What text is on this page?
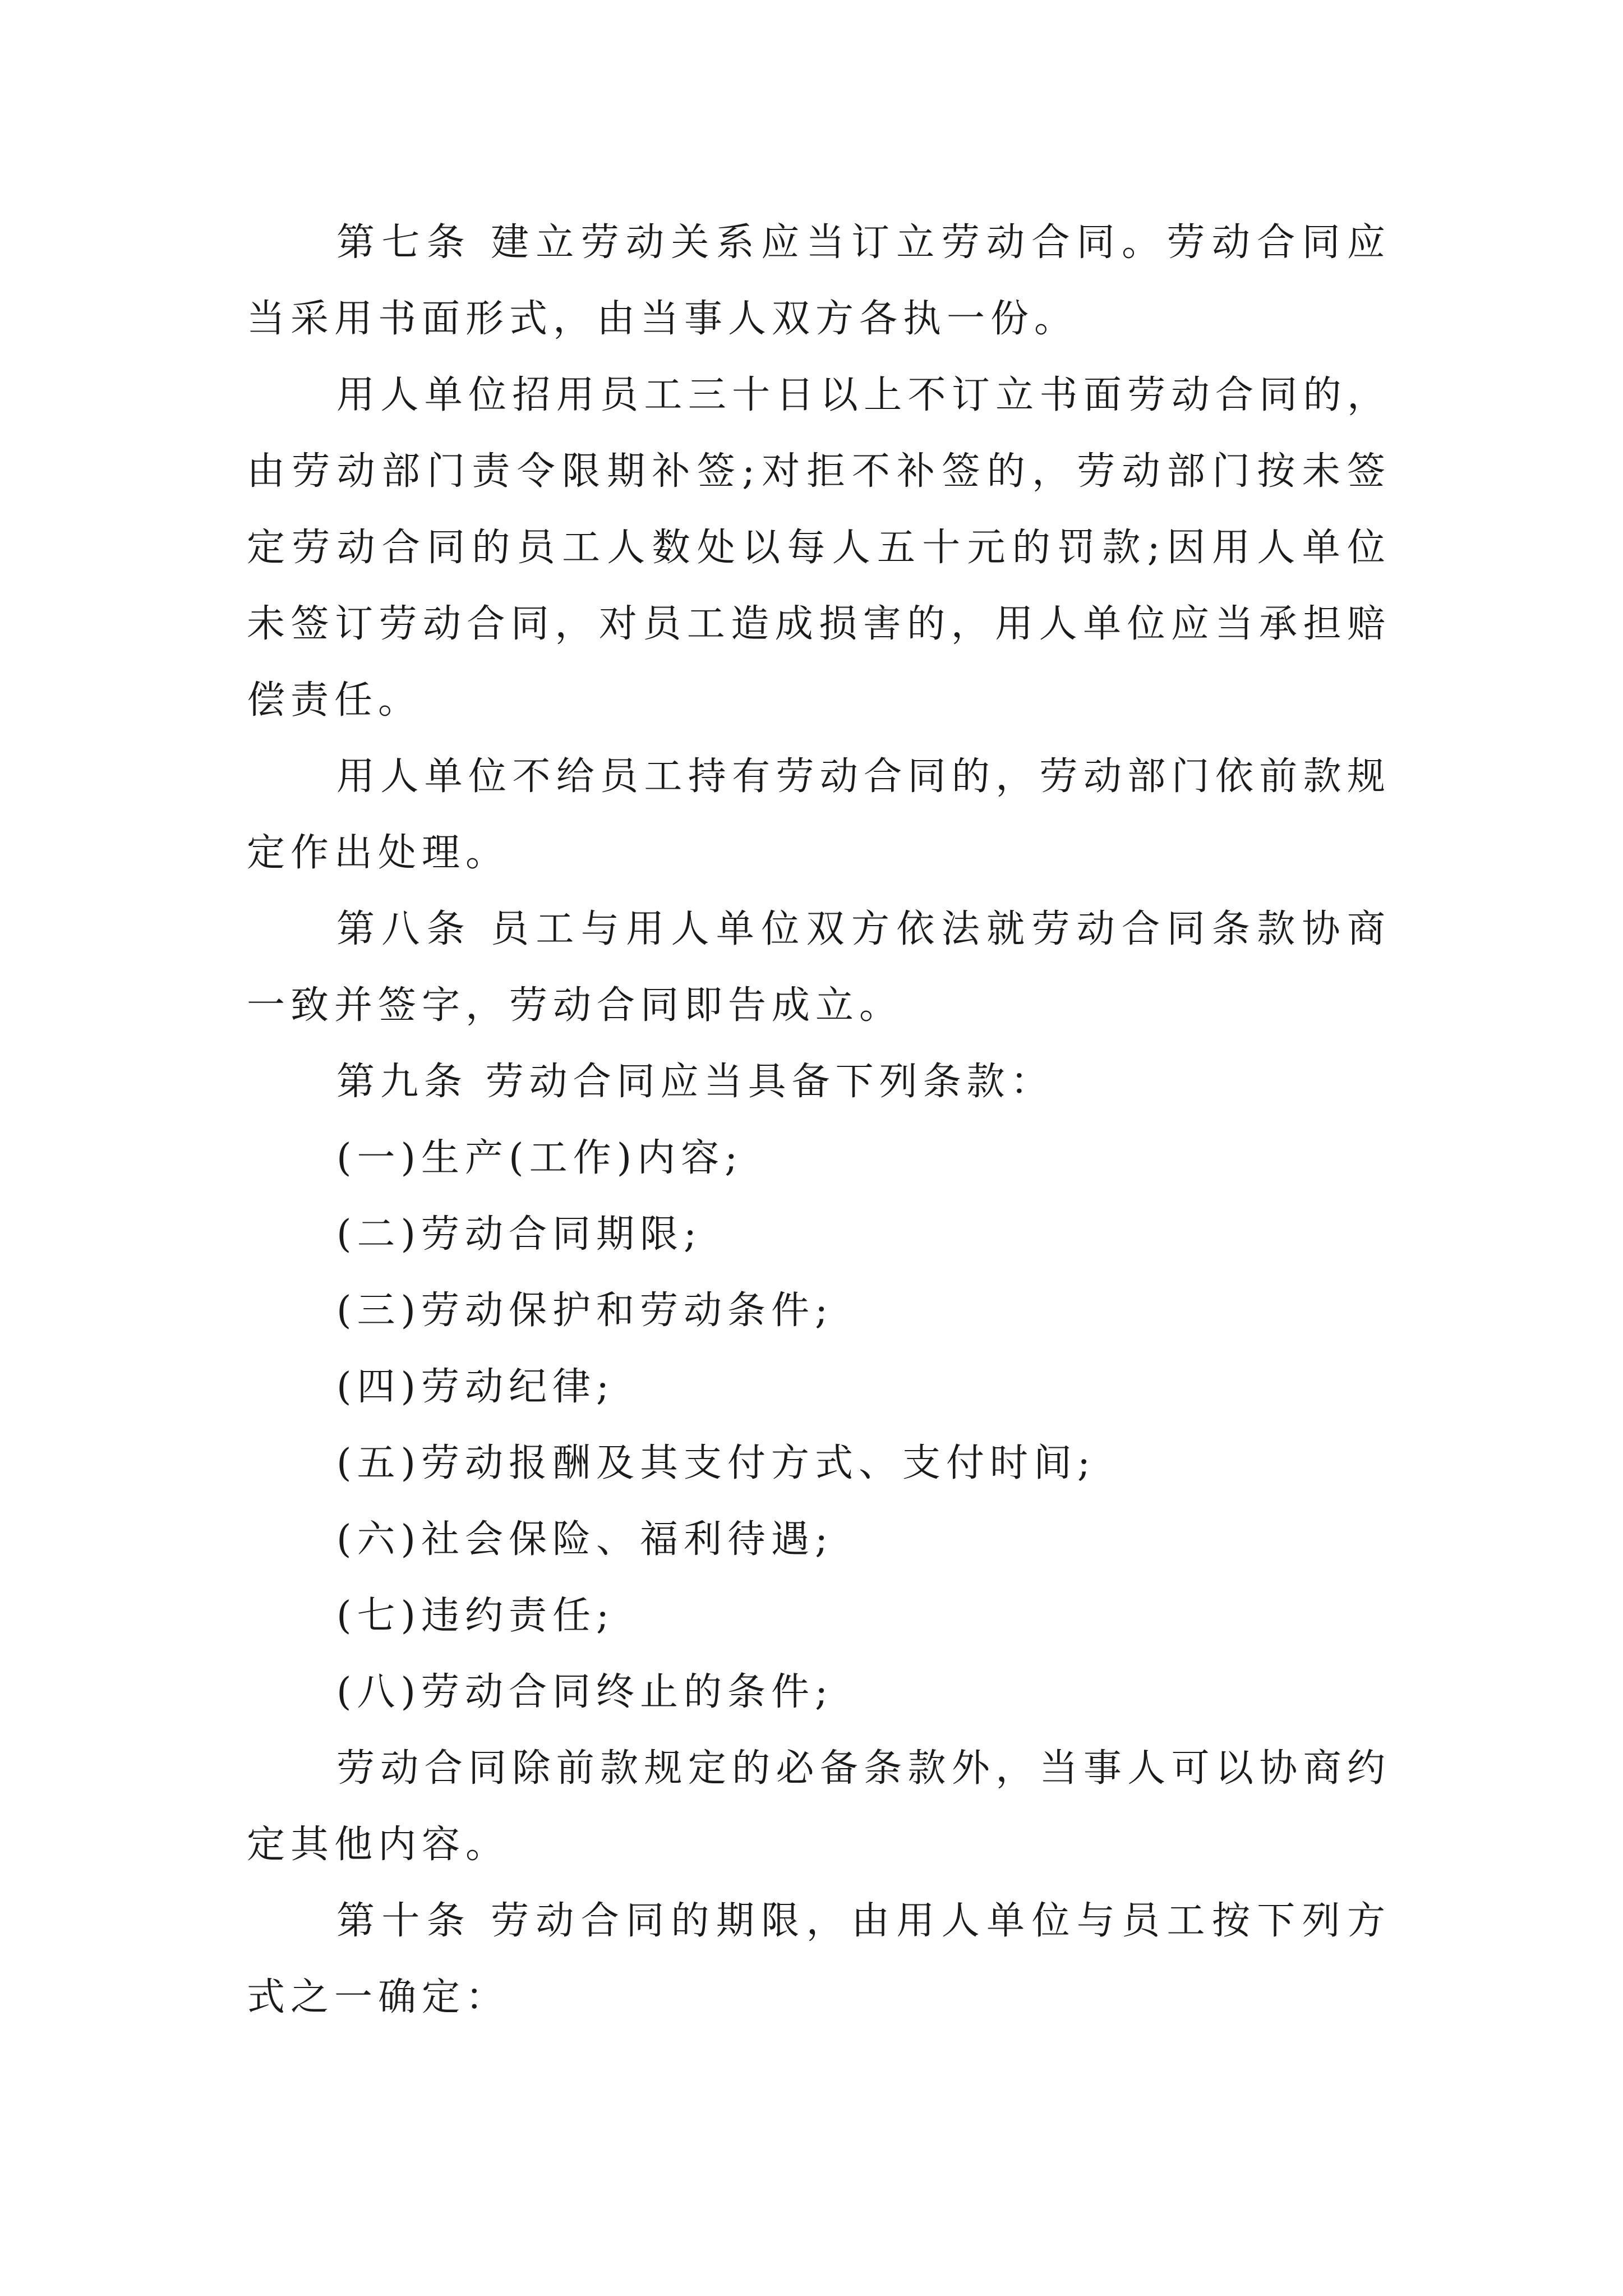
第七条 建立劳动关系应当订立劳动合同。劳动合同应当采用书面形式，由当事人双方各执一份。

用人单位招用员工三十日以上不订立书面劳动合同的，由劳动部门责令限期补签;对拒不补签的，劳动部门按未签定劳动合同的员工人数处以每人五十元的罚款;因用人单位未签订劳动合同，对员工造成损害的，用人单位应当承担赔偿责任。

用人单位不给员工持有劳动合同的，劳动部门依前款规定作出处理。

第八条 员工与用人单位双方依法就劳动合同条款协商一致并签字，劳动合同即告成立。

第九条 劳动合同应当具备下列条款：

(一)生产(工作)内容;

(二)劳动合同期限;

(三)劳动保护和劳动条件;

(四)劳动纪律;

(五)劳动报酬及其支付方式、支付时间;

(六)社会保险、福利待遇;

(七)违约责任;

(八)劳动合同终止的条件;

劳动合同除前款规定的必备条款外，当事人可以协商约定其他内容。

第十条 劳动合同的期限，由用人单位与员工按下列方式之一确定：
